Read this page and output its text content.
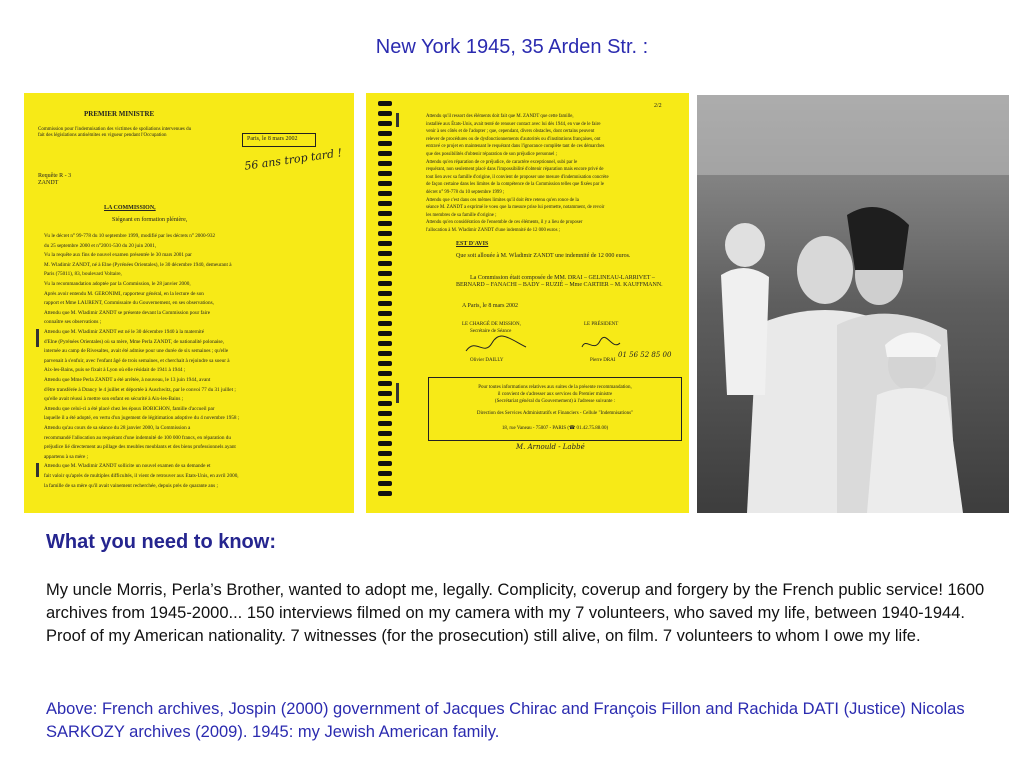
New York 1945, 35 Arden Str. :
PREMIER MINISTRE
Commission pour l'indemnisation des victimes de spoliations intervenues du fait des législations antisémites en vigueur pendant l'Occupation
Paris, le 8 mars 2002
56 ans trop tard !
Requête R - 3
ZANDT
LA COMMISSION,
Siégeant en formation plénière,
Vu le décret n° 99-778 du 10 septembre 1999, modifié par les décrets n° 2000-932
du 25 septembre 2000 et n°2001-530 du 20 juin 2001,
Vu la requête aux fins de nouvel examen présentée le 30 mars 2001 par
M. Wladimir ZANDT, né à Elne (Pyrénées Orientales), le 30 décembre 1940, demeurant à
Paris (75011), 83, boulevard Voltaire,
Vu la recommandation adoptée par la Commission, le 28 janvier 2000,
Après avoir entendu M. GERONIMI, rapporteur général, en la lecture de son
rapport et Mme LAURENT, Commissaire du Gouvernement, en ses observations,
Attendu que M. Wladimir ZANDT se présente devant la Commission pour faire
connaître ses observations ;
Attendu que M. Wladimir ZANDT est né le 30 décembre 1940 à la maternité
d'Elne (Pyrénées Orientales) où sa mère, Mme Perla ZANDT, de nationalité polonaise,
internée au camp de Rivesaltes, avait été admise pour une durée de six semaines ; qu'elle
parvenait à s'enfuir, avec l'enfant âgé de trois semaines, et cherchait à rejoindre sa soeur à
Aix-les-Bains, puis se fixait à Lyon où elle résidait de 1941 à 1944 ;
Attendu que Mme Perla ZANDT a été arrêtée, à nouveau, le 13 juin 1944, avant
d'être transférée à Drancy le 4 juillet et déportée à Auschwitz, par le convoi 77 du 31 juillet ;
qu'elle avait réussi à mettre son enfant en sécurité à Aix-les-Bains ;
Attendu que celui-ci a été placé chez les époux BOBICHON, famille d'accueil par
laquelle il a été adopté, en vertu d'un jugement de légitimation adoptive du 4 novembre 1958 ;
Attendu qu'au cours de sa séance du 28 janvier 2000, la Commission a
recommandé l'allocation au requérant d'une indemnité de 100 000 francs, en réparation du
préjudice lié directement au pillage des meubles meublants et des biens professionnels ayant
appartenu à sa mère ;
Attendu que M. Wladimir ZANDT sollicite un nouvel examen de sa demande et
fait valoir qu'après de multiples difficultés, il vient de retrouver aux Etats-Unis, en avril 2000,
la famille de sa mère qu'il avait vainement recherchée, depuis près de quarante ans ;
2/2
Attendu qu'il ressort des éléments doit fait que M. ZANDT que cette famille,
installée aux États-Unis, avait tenté de renouer contact avec lui dès 1944, en vue de le faire
venir à ses côtés et de l'adopter ; que, cependant, divers obstacles, dont certains peuvent
relever de procédures ou de dysfonctionnements d'autorités ou d'institutions françaises, ont
entravé ce projet en maintenant le requérant dans l'ignorance complète tant de ces démarches
que des possibilités d'obtenir réparation de son préjudice personnel ;
Attendu qu'en réparation de ce préjudice, de caractère exceptionnel, subi par le
requérant, non seulement placé dans l'impossibilité d'obtenir réparation mais encore privé de
tout lien avec sa famille d'origine, il convient de proposer une mesure d'indemnisation concrète
de façon certaine dans les limites de la compétence de la Commission telles que fixées par le
décret n° 99-778 du 10 septembre 1999 ;
Attendu que c'est dans ces mêmes limites qu'il doit être retenu qu'en ronce de la
séance M. ZANDT a exprimé le voeu que la mesure prise lui permette, notamment, de revoir
les membres de sa famille d'origine ;
Attendu qu'en considération de l'ensemble de ces éléments, il y a lieu de proposer
l'allocation à M. Wladimir ZANDT d'une indemnité de 12 000 euros ;
EST D'AVIS
Que soit allouée à M. Wladimir ZANDT une indemnité de 12 000 euros.
La Commission était composée de MM. DRAI – GELINEAU-LARRIVET –
BERNARD – FANACHI – BADY – RUZIÉ – Mme CARTIER – M. KAUFFMANN.
A Paris, le 8 mars 2002
LE CHARGÉ DE MISSION,
Secrétaire de Séance
LE PRÉSIDENT
Olivier DAILLY	Pierre DRAI
01 56 52 85 00
Pour toutes informations relatives aux suites de la présente recommandation,
il convient de s'adresser aux services du Premier ministre
(Secrétariat général du Gouvernement) à l'adresse suivante :
Direction des Services Administratifs et Financiers - Cellule "Indemnisations"
18, rue Vaneau - 75007 - PARIS (☎ 01.42.75.88.00)
M. Arnould - Labbé
What you need to know:
My uncle Morris, Perla’s Brother, wanted to adopt me, legally. Complicity, coverup and forgery by the French public service! 1600 archives from 1945-2000... 150 interviews filmed on my camera with my 7 volunteers, who saved my life, between 1940-1944. Proof of my American nationality. 7 witnesses (for the prosecution) still alive, on film. 7 volunteers to whom I owe my life.
Above: French archives, Jospin (2000) government of Jacques Chirac and François Fillon and Rachida DATI (Justice) Nicolas SARKOZY archives (2009). 1945: my Jewish American family.
